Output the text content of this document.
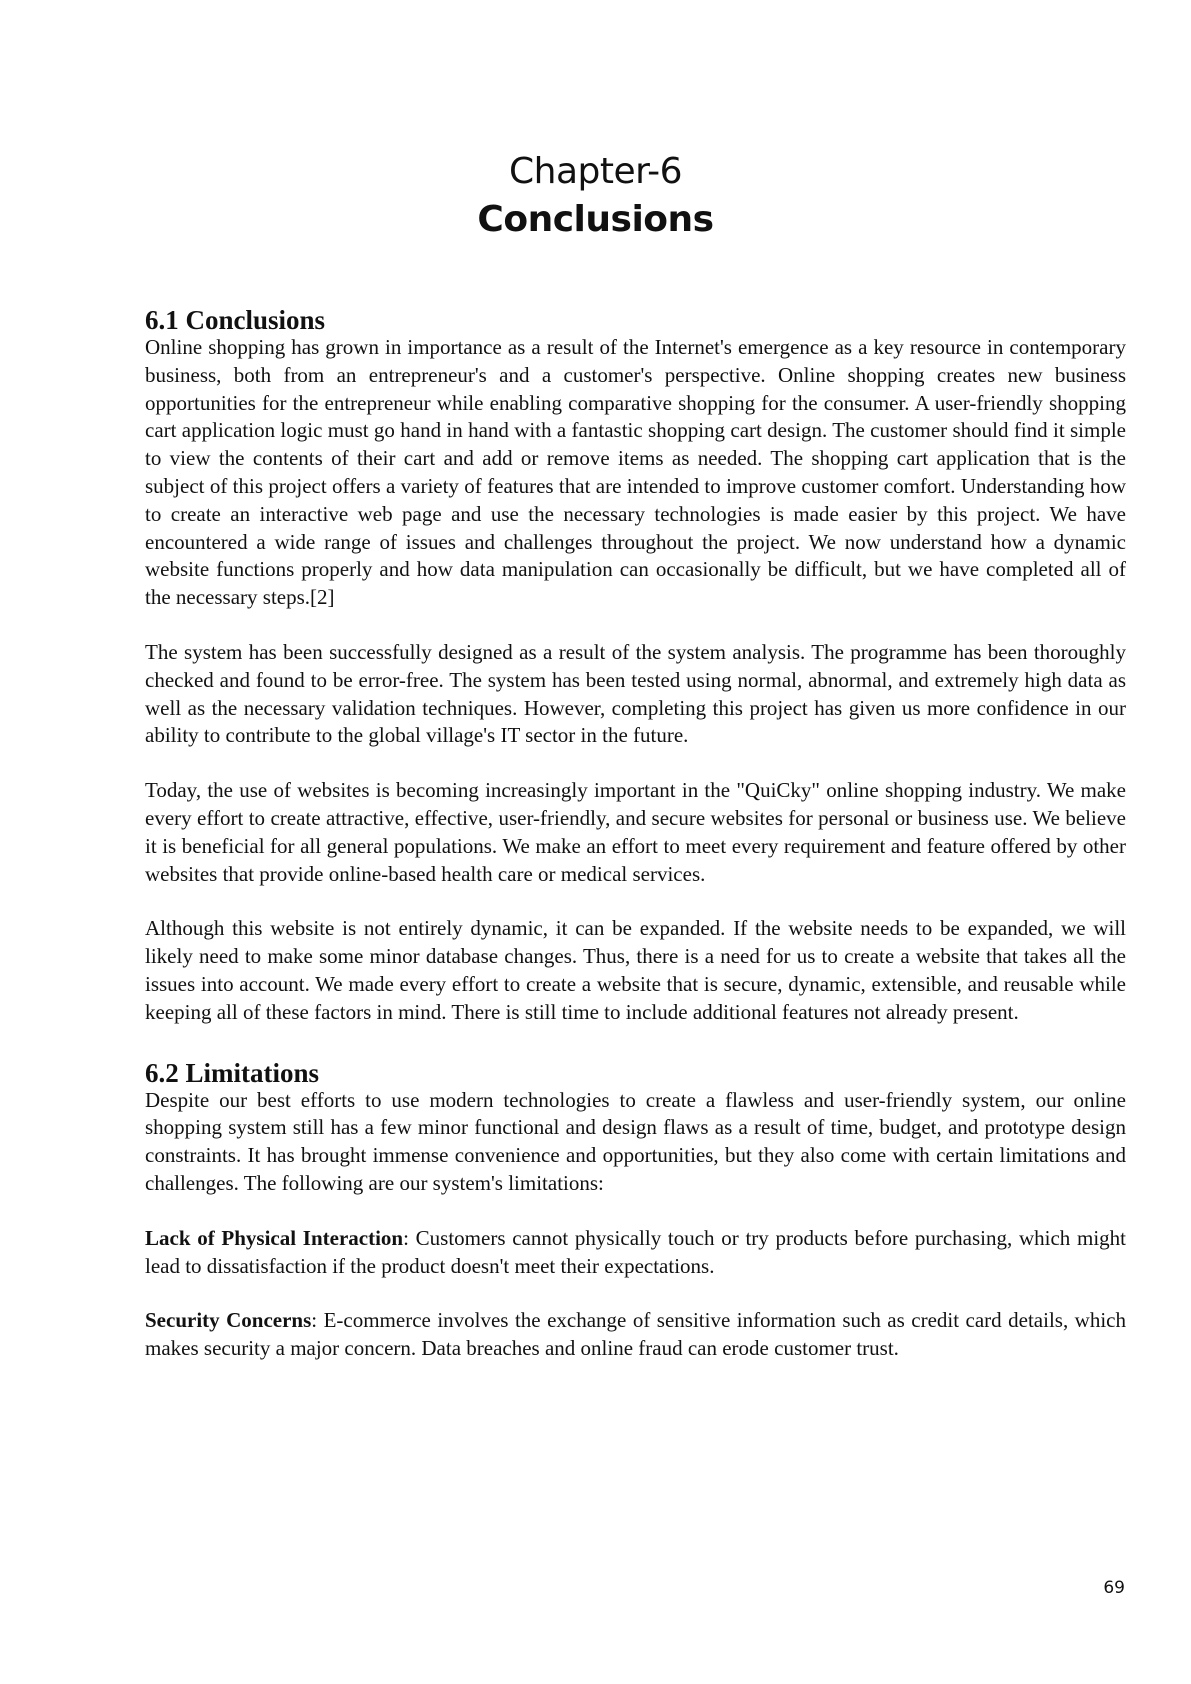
Chapter-6
Conclusions
6.1 Conclusions

Online shopping has grown in importance as a result of the Internet's emergence as a key resource in contemporary business, both from an entrepreneur's and a customer's perspective. Online shopping creates new business opportunities for the entrepreneur while enabling comparative shopping for the consumer. A user-friendly shopping cart application logic must go hand in hand with a fantastic shopping cart design. The customer should find it simple to view the contents of their cart and add or remove items as needed. The shopping cart application that is the subject of this project offers a variety of features that are intended to improve customer comfort. Understanding how to create an interactive web page and use the necessary technologies is made easier by this project. We have encountered a wide range of issues and challenges throughout the project. We now understand how a dynamic website functions properly and how data manipulation can occasionally be difficult, but we have completed all of the necessary steps.[2]

The system has been successfully designed as a result of the system analysis. The programme has been thoroughly checked and found to be error-free. The system has been tested using normal, abnormal, and extremely high data as well as the necessary validation techniques. However, completing this project has given us more confidence in our ability to contribute to the global village's IT sector in the future.

Today, the use of websites is becoming increasingly important in the "QuiCky" online shopping industry. We make every effort to create attractive, effective, user-friendly, and secure websites for personal or business use. We believe it is beneficial for all general populations. We make an effort to meet every requirement and feature offered by other websites that provide online-based health care or medical services.

Although this website is not entirely dynamic, it can be expanded. If the website needs to be expanded, we will likely need to make some minor database changes. Thus, there is a need for us to create a website that takes all the issues into account. We made every effort to create a website that is secure, dynamic, extensible, and reusable while keeping all of these factors in mind. There is still time to include additional features not already present.

6.2 Limitations

Despite our best efforts to use modern technologies to create a flawless and user-friendly system, our online shopping system still has a few minor functional and design flaws as a result of time, budget, and prototype design constraints. It has brought immense convenience and opportunities, but they also come with certain limitations and challenges. The following are our system's limitations:

Lack of Physical Interaction: Customers cannot physically touch or try products before purchasing, which might lead to dissatisfaction if the product doesn't meet their expectations.

Security Concerns: E-commerce involves the exchange of sensitive information such as credit card details, which makes security a major concern. Data breaches and online fraud can erode customer trust.

69
